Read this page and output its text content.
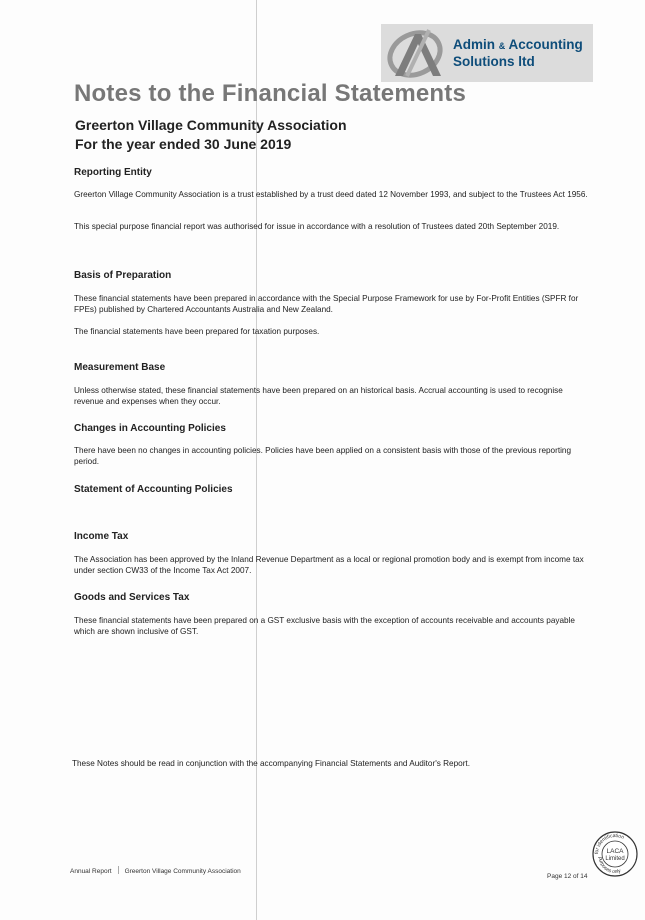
Admin & Accounting
Solutions ltd
Notes to the Financial Statements
Greerton Village Community Association
For the year ended 30 June 2019
Reporting Entity
Greerton Village Community Association is a trust established by a trust deed dated 12 November 1993, and subject to the Trustees Act 1956.
This special purpose financial report was authorised for issue in accordance with a resolution of Trustees dated 20th September 2019.
Basis of Preparation
These financial statements have been prepared in accordance with the Special Purpose Framework for use by For-Profit Entities (SPFR for FPEs) published by Chartered Accountants Australia and New Zealand.
The financial statements have been prepared for taxation purposes.
Measurement Base
Unless otherwise stated, these financial statements have been prepared on an historical basis. Accrual accounting is used to recognise revenue and expenses when they occur.
Changes in Accounting Policies
There have been no changes in accounting policies. Policies have been applied on a consistent basis with those of the previous reporting period.
Statement of Accounting Policies
Income Tax
The Association has been approved by the Inland Revenue Department as a local or regional promotion body and is exempt from income tax under section CW33 of the Income Tax Act 2007.
Goods and Services Tax
These financial statements have been prepared on a GST exclusive basis with the exception of accounts receivable and accounts payable which are shown inclusive of GST.
These Notes should be read in conjunction with the accompanying Financial Statements and Auditor's Report.
Annual Report Greerton Village Community Association
Page 12 of 14
for identification
purposes only
LACA
Limited
